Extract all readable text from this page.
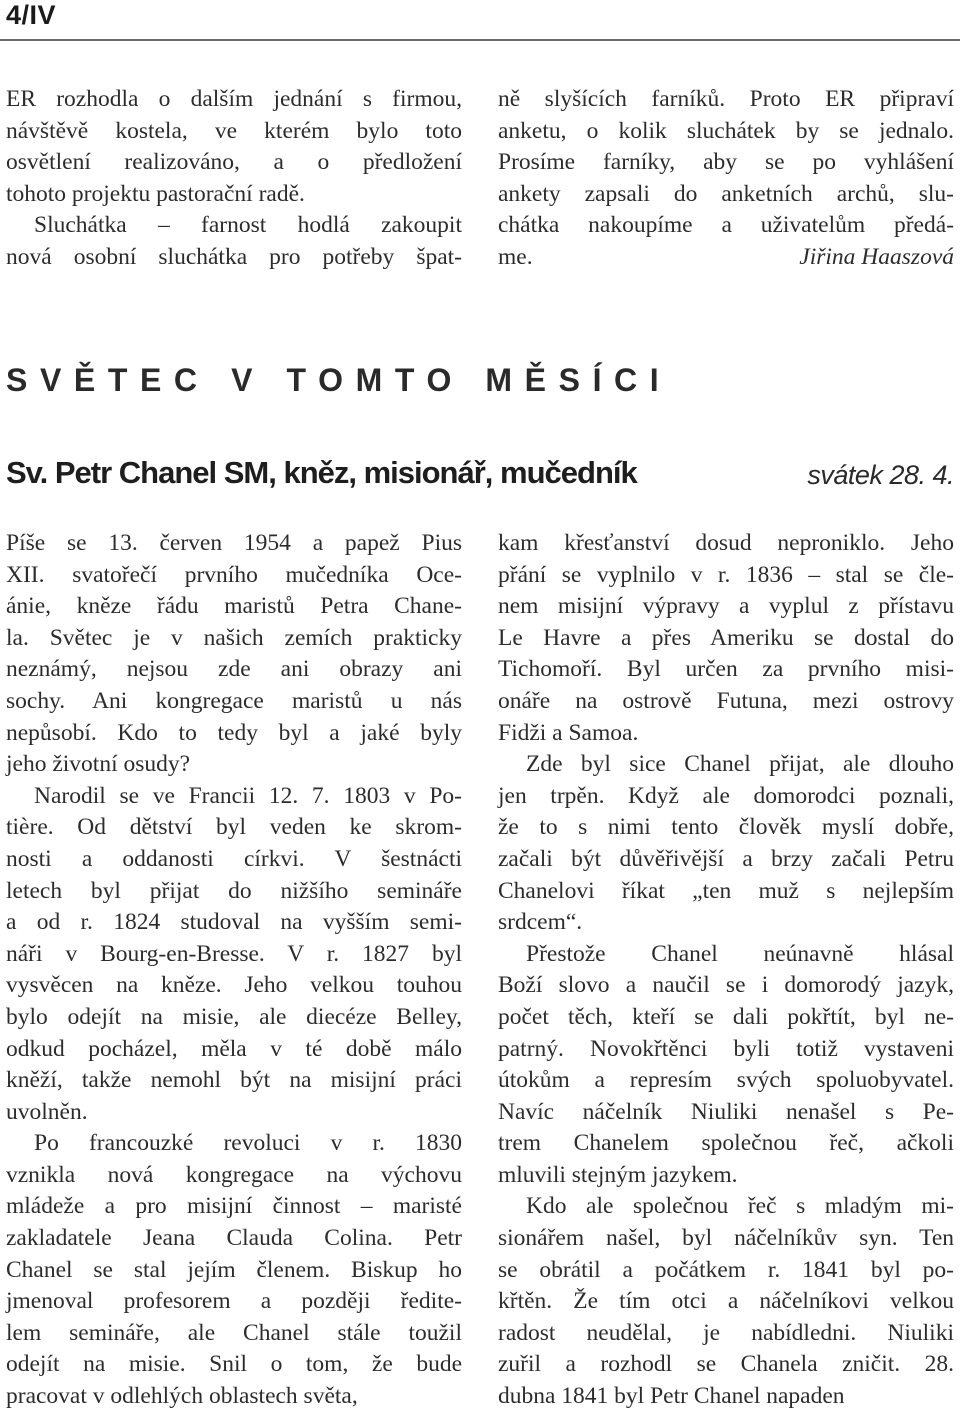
4/IV
ER rozhodla o dalším jednání s firmou,
návštěvě kostela, ve kterém bylo toto
osvětlení realizováno, a o předložení
tohoto projektu pastorační radě.
Sluchátka – farnost hodlá zakoupit
nová osobní sluchátka pro potřeby špat-
ně slyšících farníků. Proto ER připraví
anketu, o kolik sluchátek by se jednalo.
Prosíme farníky, aby se po vyhlášení
ankety zapsali do anketních archů, slu-
chátka nakoupíme a uživatelům předá-
me.	Jiřina Haaszová
SVĚTEC V TOMTO MĚSÍCI
Sv. Petr Chanel SM, kněz, misionář, mučedník	svátek 28. 4.
Píše se 13. červen 1954 a papež Pius
XII. svatořečí prvního mučedníka Oce-
ánie, kněze řádu maristů Petra Chane-
la. Světec je v našich zemích prakticky
neznámý, nejsou zde ani obrazy ani
sochy. Ani kongregace maristů u nás
nepůsobí. Kdo to tedy byl a jaké byly
jeho životní osudy?
Narodil se ve Francii 12. 7. 1803 v Po-
tière. Od dětství byl veden ke skrom-
nosti a oddanosti církvi. V šestnácti
letech byl přijat do nižšího semináře
a od r. 1824 studoval na vyšším semi-
náři v Bourg-en-Bresse. V r. 1827 byl
vysvěcen na kněze. Jeho velkou touhou
bylo odejít na misie, ale diecéze Belley,
odkud pocházel, měla v té době málo
kněží, takže nemohl být na misijní práci
uvolněn.
Po francouzké revoluci v r. 1830
vznikla nová kongregace na výchovu
mládeže a pro misijní činnost – maristé
zakladatele Jeana Clauda Colina. Petr
Chanel se stal jejím členem. Biskup ho
jmenoval profesorem a později ředite-
lem semináře, ale Chanel stále toužil
odejít na misie. Snil o tom, že bude
pracovat v odlehlých oblastech světa,
kam křesťanství dosud neproniklo. Jeho
přání se vyplnilo v r. 1836 – stal se čle-
nem misijní výpravy a vyplul z přístavu
Le Havre a přes Ameriku se dostal do
Tichomoří. Byl určen za prvního misi-
onáře na ostrově Futuna, mezi ostrovy
Fidži a Samoa.
Zde byl sice Chanel přijat, ale dlouho
jen trpěn. Když ale domorodci poznali,
že to s nimi tento člověk myslí dobře,
začali být důvěřivější a brzy začali Petru
Chanelovi říkat „ten muž s nejlepším
srdcem“.
Přestože Chanel neúnavně hlásal
Boží slovo a naučil se i domorodý jazyk,
počet těch, kteří se dali pokřtít, byl ne-
patrný. Novokřtěnci byli totiž vystaveni
útokům a represím svých spoluobyvatel.
Navíc náčelník Niuliki nenašel s Pe-
trem Chanelem společnou řeč, ačkoli
mluvili stejným jazykem.
Kdo ale společnou řeč s mladým mi-
sionářem našel, byl náčelníkův syn. Ten
se obrátil a počátkem r. 1841 byl po-
křtěn. Že tím otci a náčelníkovi velkou
radost neudělal, je nabídledni. Niuliki
zuřil a rozhodl se Chanela zničit. 28.
dubna 1841 byl Petr Chanel napaden
